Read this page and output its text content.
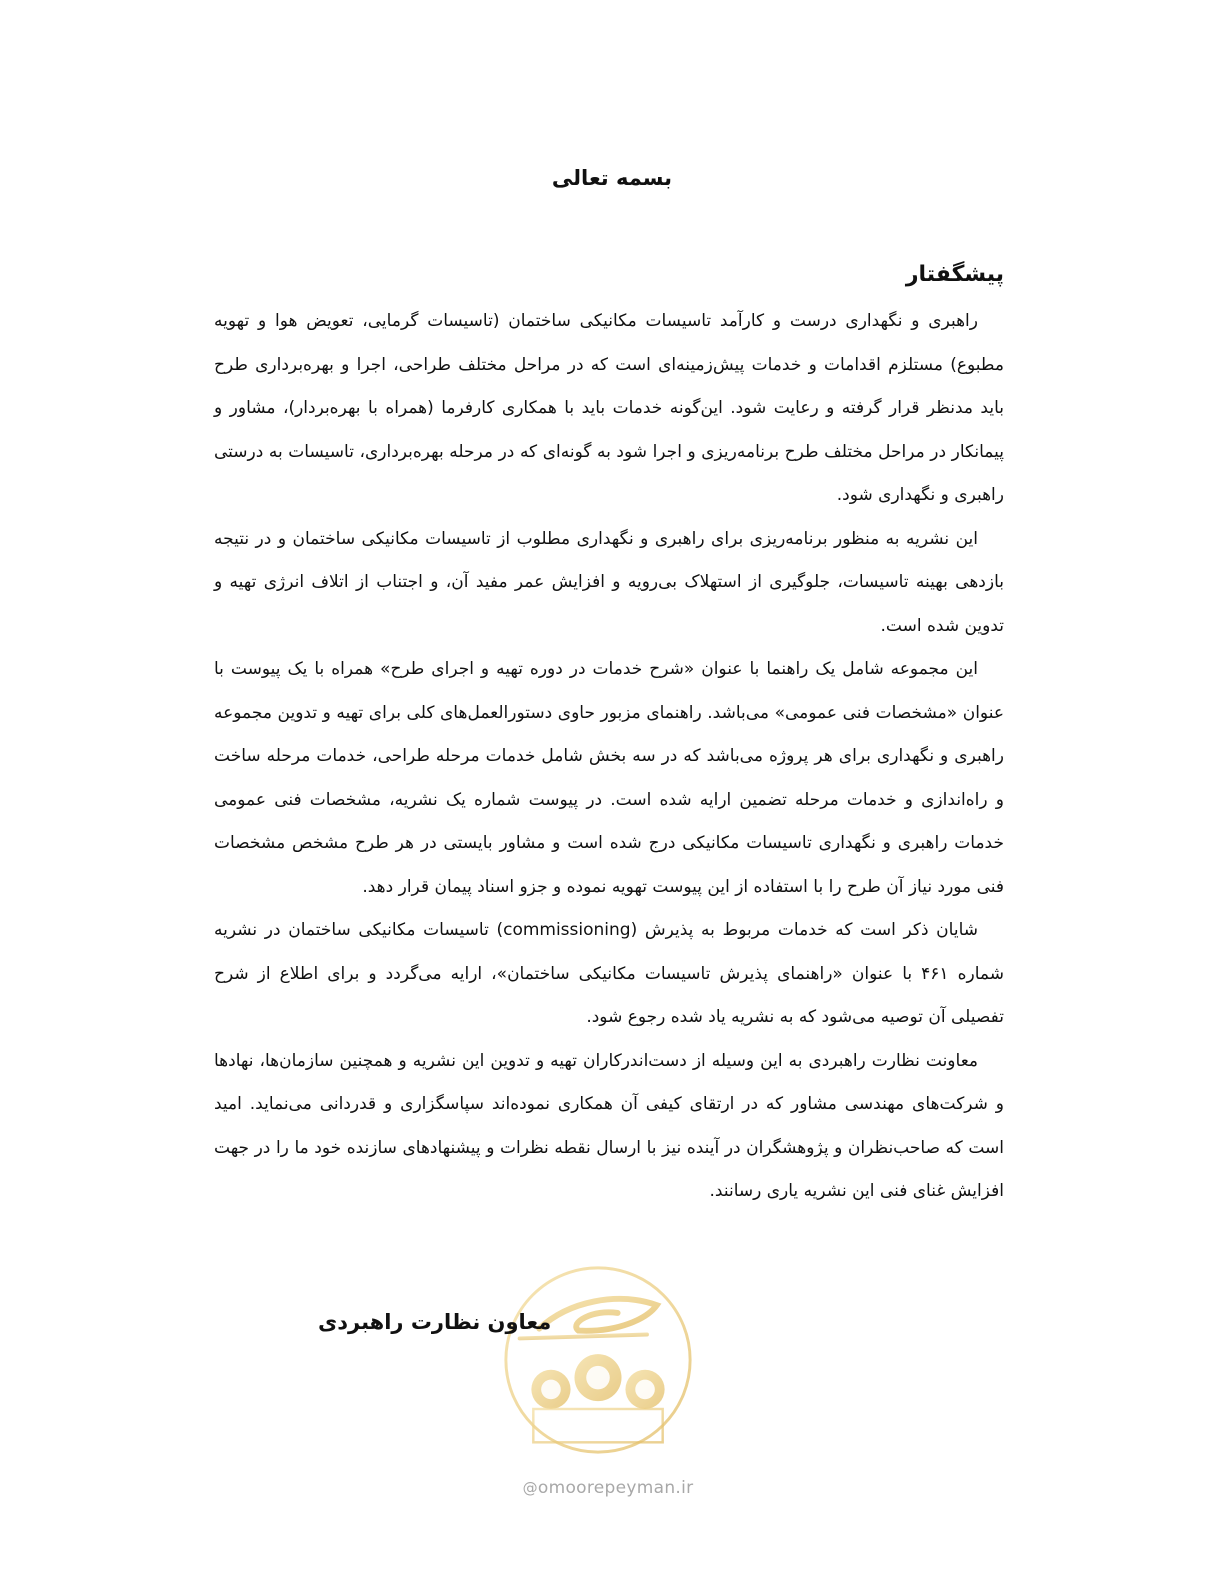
بسمه تعالی
پیشگفتار

راهبری و نگهداری درست و کارآمد تاسیسات مکانیکی ساختمان (تاسیسات گرمایی، تعویض هوا و تهویه مطبوع) مستلزم اقدامات و خدمات پیش‌زمینه‌ای است که در مراحل مختلف طراحی، اجرا و بهره‌برداری طرح باید مدنظر قرار گرفته و رعایت شود. این‌گونه خدمات باید با همکاری کارفرما (همراه با بهره‌بردار)، مشاور و پیمانکار در مراحل مختلف طرح برنامه‌ریزی و اجرا شود به گونه‌ای که در مرحله بهره‌برداری، تاسیسات به درستی راهبری و نگهداری شود.

این نشریه به منظور برنامه‌ریزی برای راهبری و نگهداری مطلوب از تاسیسات مکانیکی ساختمان و در نتیجه بازدهی بهینه تاسیسات، جلوگیری از استهلاک بی‌رویه و افزایش عمر مفید آن، و اجتناب از اتلاف انرژی تهیه و تدوین شده است.

این مجموعه شامل یک راهنما با عنوان «شرح خدمات در دوره تهیه و اجرای طرح» همراه با یک پیوست با عنوان «مشخصات فنی عمومی» می‌باشد. راهنمای مزبور حاوی دستورالعمل‌های کلی برای تهیه و تدوین مجموعه راهبری و نگهداری برای هر پروژه می‌باشد که در سه بخش شامل خدمات مرحله طراحی، خدمات مرحله ساخت و راه‌اندازی و خدمات مرحله تضمین ارایه شده است. در پیوست شماره یک نشریه، مشخصات فنی عمومی خدمات راهبری و نگهداری تاسیسات مکانیکی درج شده است و مشاور بایستی در هر طرح مشخص مشخصات فنی مورد نیاز آن طرح را با استفاده از این پیوست تهویه نموده و جزو اسناد پیمان قرار دهد.

شایان ذکر است که خدمات مربوط به پذیرش (commissioning) تاسیسات مکانیکی ساختمان در نشریه شماره ۴۶۱ با عنوان «راهنمای پذیرش تاسیسات مکانیکی ساختمان»، ارایه می‌گردد و برای اطلاع از شرح تفصیلی آن توصیه می‌شود که به نشریه یاد شده رجوع شود.

معاونت نظارت راهبردی به این وسیله از دست‌اندرکاران تهیه و تدوین این نشریه و همچنین سازمان‌ها، نهادها و شرکت‌های مهندسی مشاور که در ارتقای کیفی آن همکاری نموده‌اند سپاسگزاری و قدردانی می‌نماید. امید است که صاحب‌نظران و پژوهشگران در آینده نیز با ارسال نقطه نظرات و پیشنهادهای سازنده خود ما را در جهت افزایش غنای فنی این نشریه یاری رسانند.

معاون نظارت راهبردی
@omoorepeyman.ir
